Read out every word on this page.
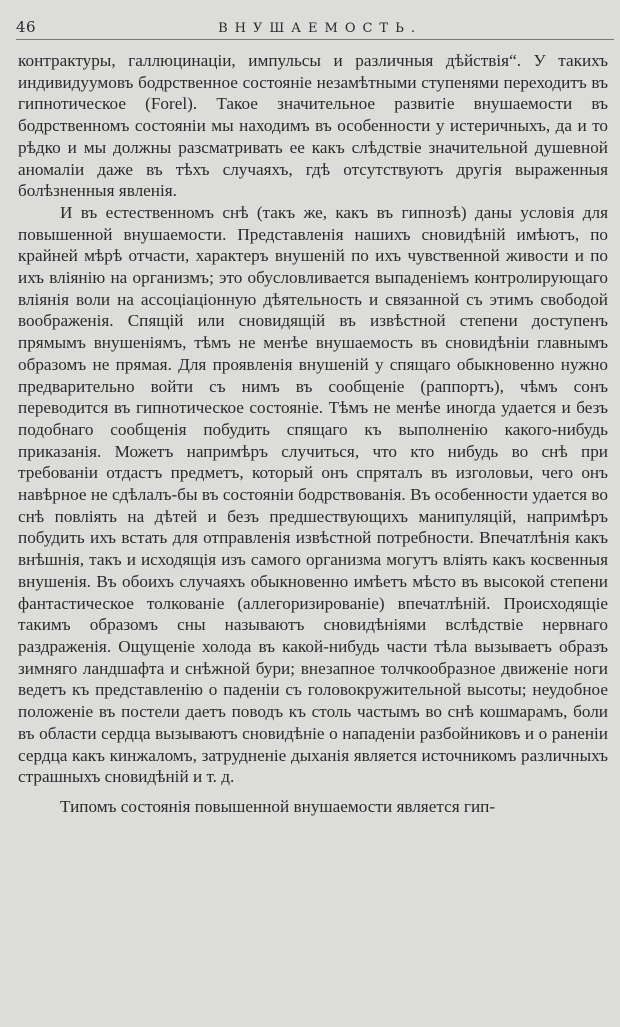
46	ВНУШАЕМОСТЬ.

контрактуры, галлюцинаціи, импульсы и различныя дѣйствія“. У такихъ индивидуумовъ бодрственное состояніе незамѣтными ступенями переходитъ въ гипнотическое (Forel). Такое значительное развитіе внушаемости въ бодрственномъ состояніи мы находимъ въ особенности у истеричныхъ, да и то рѣдко и мы должны разсматривать ее какъ слѣдствіе значительной душевной аномаліи даже въ тѣхъ случаяхъ, гдѣ отсутствуютъ другія выраженныя болѣзненныя явленія.

И въ естественномъ снѣ (такъ же, какъ въ гипнозѣ) даны условія для повышенной внушаемости. Представленія нашихъ сновидѣній имѣютъ, по крайней мѣрѣ отчасти, характеръ внушеній по ихъ чувственной живости и по ихъ вліянію на организмъ; это обусловливается выпаденіемъ контролирующаго вліянія воли на ассоціаціонную дѣятельность и связанной съ этимъ свободой воображенія. Спящій или сновидящій въ извѣстной степени доступенъ прямымъ внушеніямъ, тѣмъ не менѣе внушаемость въ сновидѣніи главнымъ образомъ не прямая. Для проявленія внушеній у спящаго обыкновенно нужно предварительно войти съ нимъ въ сообщеніе (раппортъ), чѣмъ сонъ переводится въ гипнотическое состояніе. Тѣмъ не менѣе иногда удается и безъ подобнаго сообщенія побудить спящаго къ выполненію какого-нибудь приказанія. Можетъ напримѣръ случиться, что кто нибудь во снѣ при требованіи отдастъ предметъ, который онъ спряталъ въ изголовьи, чего онъ навѣрное не сдѣлалъ-бы въ состояніи бодрствованія. Въ особенности удается во снѣ повліять на дѣтей и безъ предшествующихъ манипуляцій, напримѣръ побудить ихъ встать для отправленія извѣстной потребности. Впечатлѣнія какъ внѣшнія, такъ и исходящія изъ самого организма могутъ вліять какъ косвенныя внушенія. Въ обоихъ случаяхъ обыкновенно имѣетъ мѣсто въ высокой степени фантастическое толкованіе (аллегоризированіе) впечатлѣній. Происходящіе такимъ образомъ сны называютъ сновидѣніями вслѣдствіе нервнаго раздраженія. Ощущеніе холода въ какой-нибудь части тѣла вызываетъ образъ зимняго ландшафта и снѣжной бури; внезапное толчкообразное движеніе ноги ведетъ къ представленію о паденіи съ головокружительной высоты; неудобное положеніе въ постели даетъ поводъ къ столь частымъ во снѣ кошмарамъ, боли въ области сердца вызываютъ сновидѣніе о нападеніи разбойниковъ и о раненіи сердца какъ кинжаломъ, затрудненіе дыханія является источникомъ различныхъ страшныхъ сновидѣній и т. д.

Типомъ состоянія повышенной внушаемости является гип-
